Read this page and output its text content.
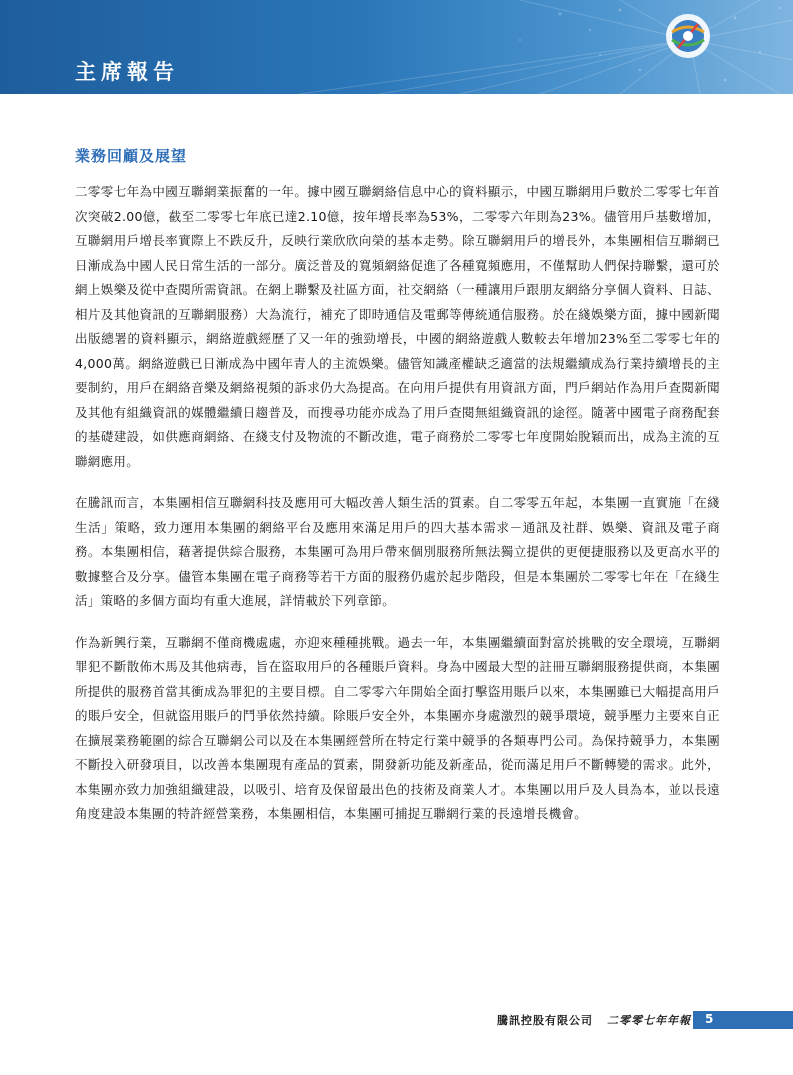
主席報告
業務回顧及展望

二零零七年為中國互聯網業振奮的一年。據中國互聯網絡信息中心的資料顯示，中國互聯網用戶數於二零零七年首次突破2.00億，截至二零零七年底已達2.10億，按年增長率為53%，二零零六年則為23%。儘管用戶基數增加，互聯網用戶增長率實際上不跌反升，反映行業欣欣向榮的基本走勢。除互聯網用戶的增長外，本集團相信互聯網已日漸成為中國人民日常生活的一部分。廣泛普及的寬頻網絡促進了各種寬頻應用，不僅幫助人們保持聯繫，還可於網上娛樂及從中查閱所需資訊。在網上聯繫及社區方面，社交網絡（一種讓用戶跟朋友網絡分享個人資料、日誌、相片及其他資訊的互聯網服務）大為流行，補充了即時通信及電郵等傳統通信服務。於在綫娛樂方面，據中國新聞出版總署的資料顯示，網絡遊戲經歷了又一年的強勁增長，中國的網絡遊戲人數較去年增加23%至二零零七年的4,000萬。網絡遊戲已日漸成為中國年青人的主流娛樂。儘管知識產權缺乏適當的法規繼續成為行業持續增長的主要制約，用戶在網絡音樂及網絡視頻的訴求仍大為提高。在向用戶提供有用資訊方面，門戶網站作為用戶查閱新聞及其他有組織資訊的媒體繼續日趨普及，而搜尋功能亦成為了用戶查閱無組織資訊的途徑。隨著中國電子商務配套的基礎建設，如供應商網絡、在綫支付及物流的不斷改進，電子商務於二零零七年度開始脫穎而出，成為主流的互聯網應用。

在騰訊而言，本集團相信互聯網科技及應用可大幅改善人類生活的質素。自二零零五年起，本集團一直實施「在綫生活」策略，致力運用本集團的網絡平台及應用來滿足用戶的四大基本需求－通訊及社群、娛樂、資訊及電子商務。本集團相信，藉著提供綜合服務，本集團可為用戶帶來個別服務所無法獨立提供的更便捷服務以及更高水平的數據整合及分享。儘管本集團在電子商務等若干方面的服務仍處於起步階段，但是本集團於二零零七年在「在綫生活」策略的多個方面均有重大進展，詳情載於下列章節。

作為新興行業，互聯網不僅商機處處，亦迎來種種挑戰。過去一年，本集團繼續面對富於挑戰的安全環境，互聯網罪犯不斷散佈木馬及其他病毒，旨在盜取用戶的各種賬戶資料。身為中國最大型的註冊互聯網服務提供商，本集團所提供的服務首當其衝成為罪犯的主要目標。自二零零六年開始全面打擊盜用賬戶以來，本集團雖已大幅提高用戶的賬戶安全，但就盜用賬戶的鬥爭依然持續。除賬戶安全外，本集團亦身處激烈的競爭環境，競爭壓力主要來自正在擴展業務範圍的綜合互聯網公司以及在本集團經營所在特定行業中競爭的各類專門公司。為保持競爭力，本集團不斷投入研發項目，以改善本集團現有產品的質素，開發新功能及新產品，從而滿足用戶不斷轉變的需求。此外，本集團亦致力加強組織建設，以吸引、培育及保留最出色的技術及商業人才。本集團以用戶及人員為本，並以長遠角度建設本集團的特許經營業務，本集團相信，本集團可捕捉互聯網行業的長遠增長機會。

騰訊控股有限公司 二零零七年年報 5
